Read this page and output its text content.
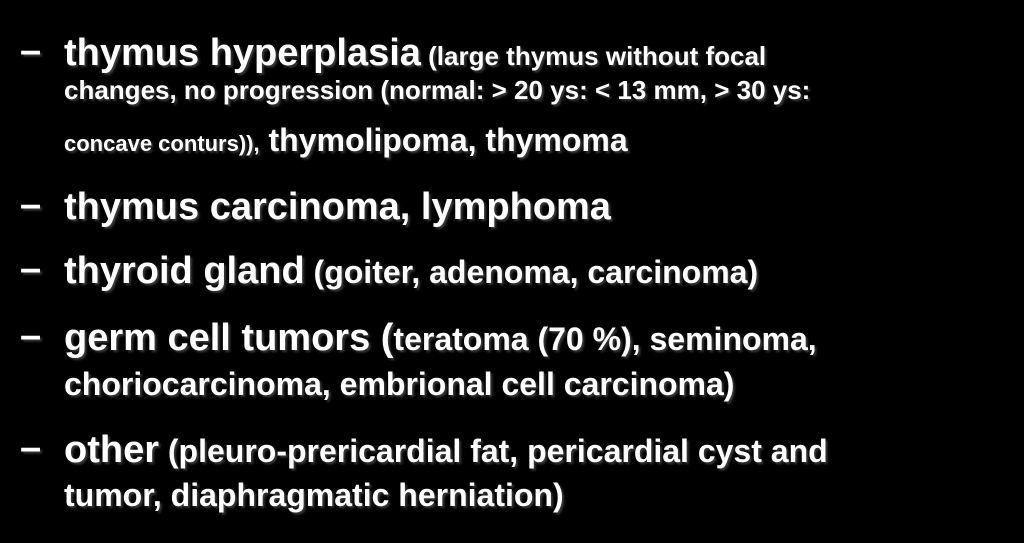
– thymus hyperplasia (large thymus without focal
changes, no progression (normal: > 20 ys: < 13 mm, > 30 ys:
concave conturs)), thymolipoma, thymoma
– thymus carcinoma, lymphoma
– thyroid gland (goiter, adenoma, carcinoma)
– germ cell tumors (teratoma (70 %), seminoma,
choriocarcinoma, embrional cell carcinoma)
– other (pleuro-prericardial fat, pericardial cyst and
tumor, diaphragmatic herniation)
